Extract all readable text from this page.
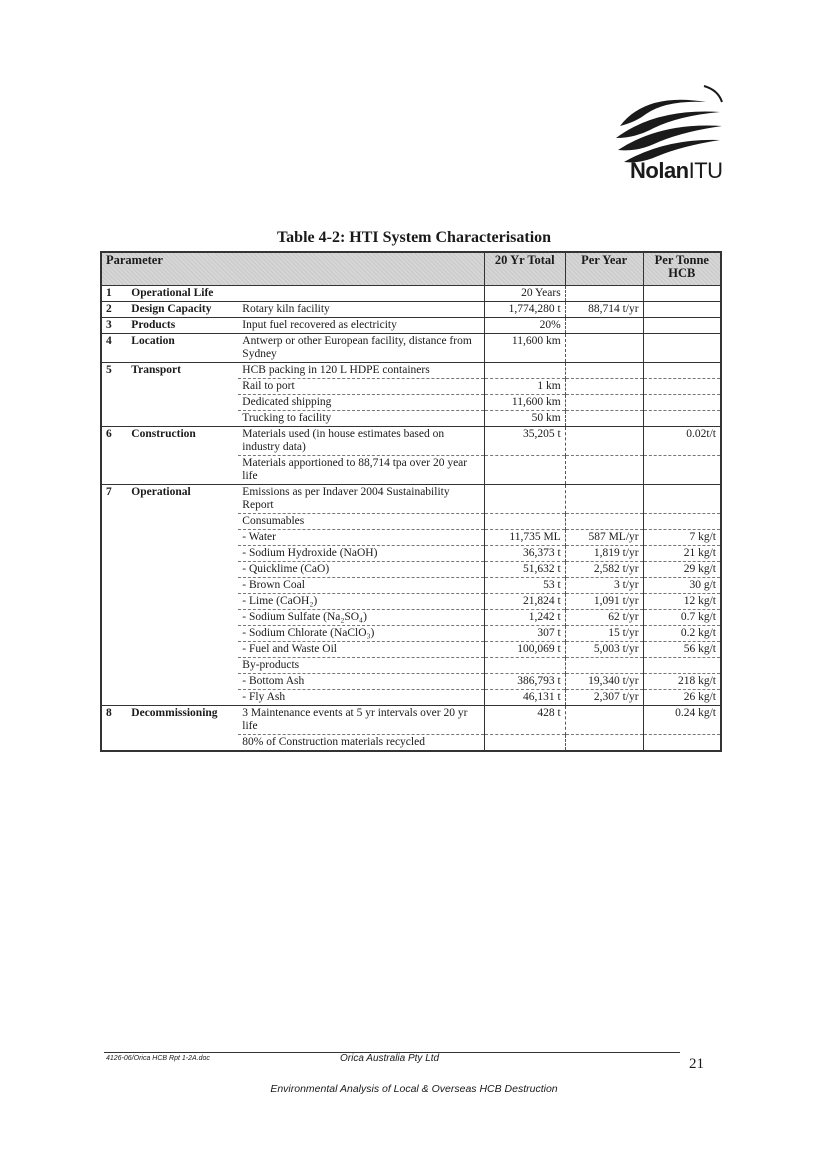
NolanITU
Table 4-2: HTI System Characterisation
Parameter			20 Yr Total	Per Year	Per Tonne HCB
1	Operational Life		20 Years		
2	Design Capacity	Rotary kiln facility	1,774,280 t	88,714 t/yr	
3	Products	Input fuel recovered as electricity	20%		
4	Location	Antwerp or other European facility, distance from Sydney	11,600 km		
5	Transport	HCB packing in 120 L HDPE containers			
		Rail to port	1 km		
		Dedicated shipping	11,600 km		
		Trucking to facility	50 km		
6	Construction	Materials used (in house estimates based on industry data)	35,205 t		0.02t/t
		Materials apportioned to 88,714 tpa over 20 year life			
7	Operational	Emissions as per Indaver 2004 Sustainability Report			
		Consumables			
		- Water	11,735 ML	587 ML/yr	7 kg/t
		- Sodium Hydroxide (NaOH)	36,373 t	1,819 t/yr	21 kg/t
		- Quicklime (CaO)	51,632 t	2,582 t/yr	29 kg/t
		- Brown Coal	53 t	3 t/yr	30 g/t
		- Lime (CaOH₂)	21,824 t	1,091 t/yr	12 kg/t
		- Sodium Sulfate (Na₂SO₄)	1,242 t	62 t/yr	0.7 kg/t
		- Sodium Chlorate (NaClO₃)	307 t	15 t/yr	0.2 kg/t
		- Fuel and Waste Oil	100,069 t	5,003 t/yr	56 kg/t
		By-products			
		- Bottom Ash	386,793 t	19,340 t/yr	218 kg/t
		- Fly Ash	46,131 t	2,307 t/yr	26 kg/t
8	Decommissioning	3 Maintenance events at 5 yr intervals over 20 yr life	428 t		0.24 kg/t
		80% of Construction materials recycled			
4126-06/Orica HCB Rpt 1-2A.doc	Orica Australia Pty Ltd	21
Environmental Analysis of Local & Overseas HCB Destruction
